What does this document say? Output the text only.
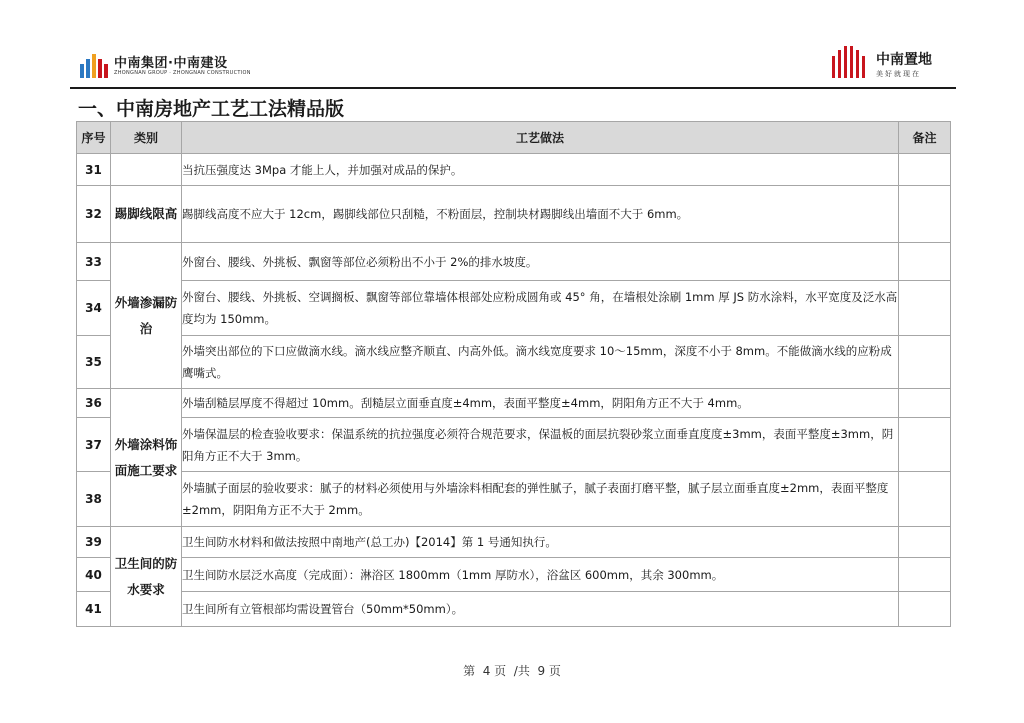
中南集团·中南建设
ZHONGNAN GROUP · ZHONGNAN CONSTRUCTION
中南置地
美好就现在
一、中南房地产工艺工法精品版
序号	类别	工艺做法	备注
31		当抗压强度达 3Mpa 才能上人，并加强对成品的保护。	
32	踢脚线限高	踢脚线高度不应大于 12cm，踢脚线部位只刮糙，不粉面层，控制块材踢脚线出墙面不大于 6mm。	
33	外墙渗漏防治	外窗台、腰线、外挑板、飘窗等部位必须粉出不小于 2%的排水坡度。	
34		外窗台、腰线、外挑板、空调搁板、飘窗等部位靠墙体根部处应粉成圆角或 45° 角，在墙根处涂刷 1mm 厚 JS 防水涂料，水平宽度及泛水高度均为 150mm。	
35		外墙突出部位的下口应做滴水线。滴水线应整齐顺直、内高外低。滴水线宽度要求 10～15mm，深度不小于 8mm。不能做滴水线的应粉成鹰嘴式。	
36	外墙涂料饰面施工要求	外墙刮糙层厚度不得超过 10mm。刮糙层立面垂直度±4mm，表面平整度±4mm，阴阳角方正不大于 4mm。	
37		外墙保温层的检查验收要求：保温系统的抗拉强度必须符合规范要求，保温板的面层抗裂砂浆立面垂直度度±3mm，表面平整度±3mm，阴阳角方正不大于 3mm。	
38		外墙腻子面层的验收要求：腻子的材料必须使用与外墙涂料相配套的弹性腻子，腻子表面打磨平整，腻子层立面垂直度±2mm，表面平整度±2mm，阴阳角方正不大于 2mm。	
39	卫生间的防水要求	卫生间防水材料和做法按照中南地产(总工办)【2014】第 1 号通知执行。	
40		卫生间防水层泛水高度（完成面）：淋浴区 1800mm（1mm 厚防水），浴盆区 600mm，其余 300mm。	
41		卫生间所有立管根部均需设置管台（50mm*50mm）。	
第  4 页  /共  9 页
